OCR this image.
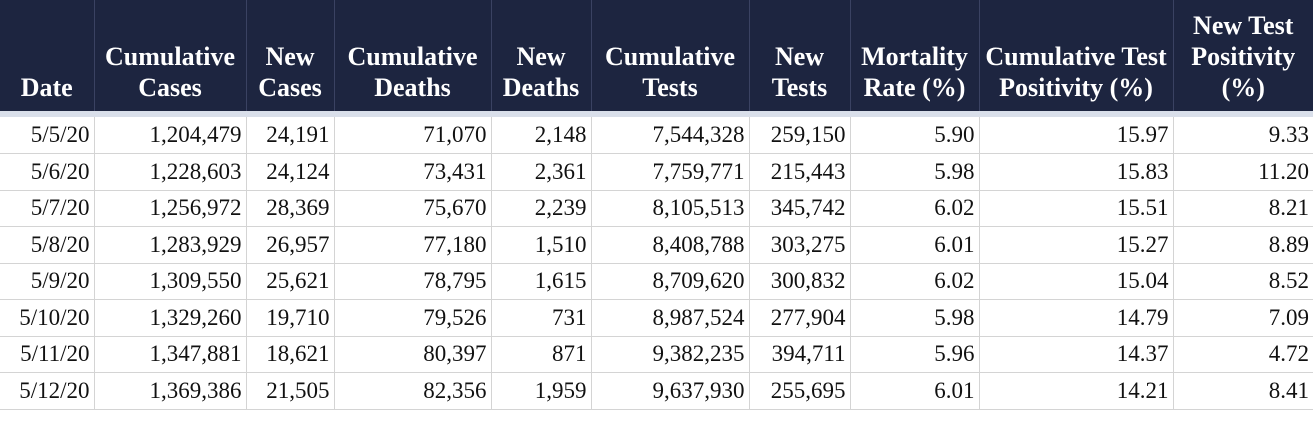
Date	Cumulative Cases	New Cases	Cumulative Deaths	New Deaths	Cumulative Tests	New Tests	Mortality Rate (%)	Cumulative Test Positivity (%)	New Test Positivity (%)

5/5/20	1,204,479	24,191	71,070	2,148	7,544,328	259,150	5.90	15.97	9.33
5/6/20	1,228,603	24,124	73,431	2,361	7,759,771	215,443	5.98	15.83	11.20
5/7/20	1,256,972	28,369	75,670	2,239	8,105,513	345,742	6.02	15.51	8.21
5/8/20	1,283,929	26,957	77,180	1,510	8,408,788	303,275	6.01	15.27	8.89
5/9/20	1,309,550	25,621	78,795	1,615	8,709,620	300,832	6.02	15.04	8.52
5/10/20	1,329,260	19,710	79,526	731	8,987,524	277,904	5.98	14.79	7.09
5/11/20	1,347,881	18,621	80,397	871	9,382,235	394,711	5.96	14.37	4.72
5/12/20	1,369,386	21,505	82,356	1,959	9,637,930	255,695	6.01	14.21	8.41
